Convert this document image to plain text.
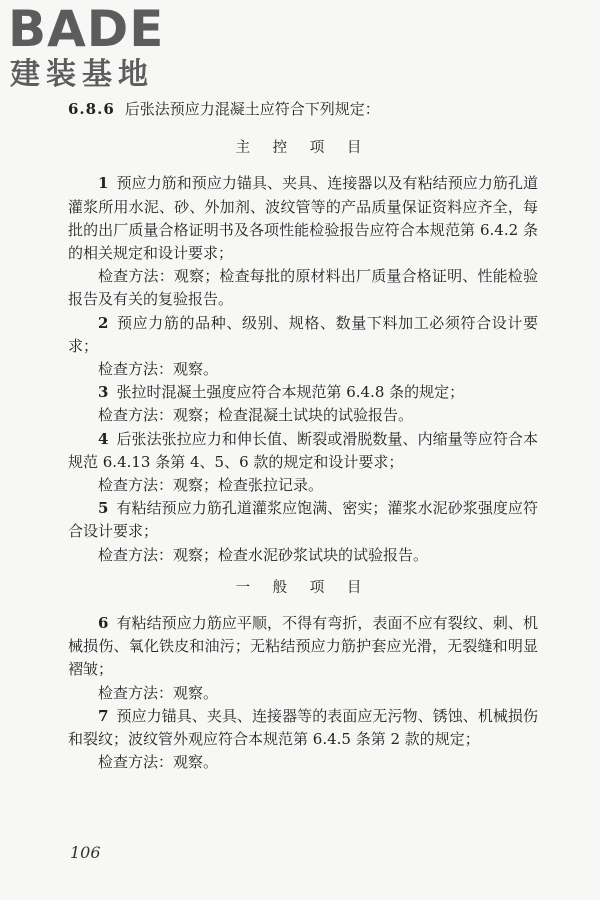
BADE
建装基地

6.8.6 后张法预应力混凝土应符合下列规定：

主 控 项 目

1 预应力筋和预应力锚具、夹具、连接器以及有粘结预应力筋孔道灌浆所用水泥、砂、外加剂、波纹管等的产品质量保证资料应齐全，每批的出厂质量合格证明书及各项性能检验报告应符合本规范第 6.4.2 条的相关规定和设计要求；

检查方法：观察；检查每批的原材料出厂质量合格证明、性能检验报告及有关的复验报告。

2 预应力筋的品种、级别、规格、数量下料加工必须符合设计要求；

检查方法：观察。

3 张拉时混凝土强度应符合本规范第 6.4.8 条的规定；

检查方法：观察；检查混凝土试块的试验报告。

4 后张法张拉应力和伸长值、断裂或滑脱数量、内缩量等应符合本规范 6.4.13 条第 4、5、6 款的规定和设计要求；

检查方法：观察；检查张拉记录。

5 有粘结预应力筋孔道灌浆应饱满、密实；灌浆水泥砂浆强度应符合设计要求；

检查方法：观察；检查水泥砂浆试块的试验报告。

一 般 项 目

6 有粘结预应力筋应平顺，不得有弯折，表面不应有裂纹、刺、机械损伤、氧化铁皮和油污；无粘结预应力筋护套应光滑，无裂缝和明显褶皱；

检查方法：观察。

7 预应力锚具、夹具、连接器等的表面应无污物、锈蚀、机械损伤和裂纹；波纹管外观应符合本规范第 6.4.5 条第 2 款的规定；

检查方法：观察。

106
